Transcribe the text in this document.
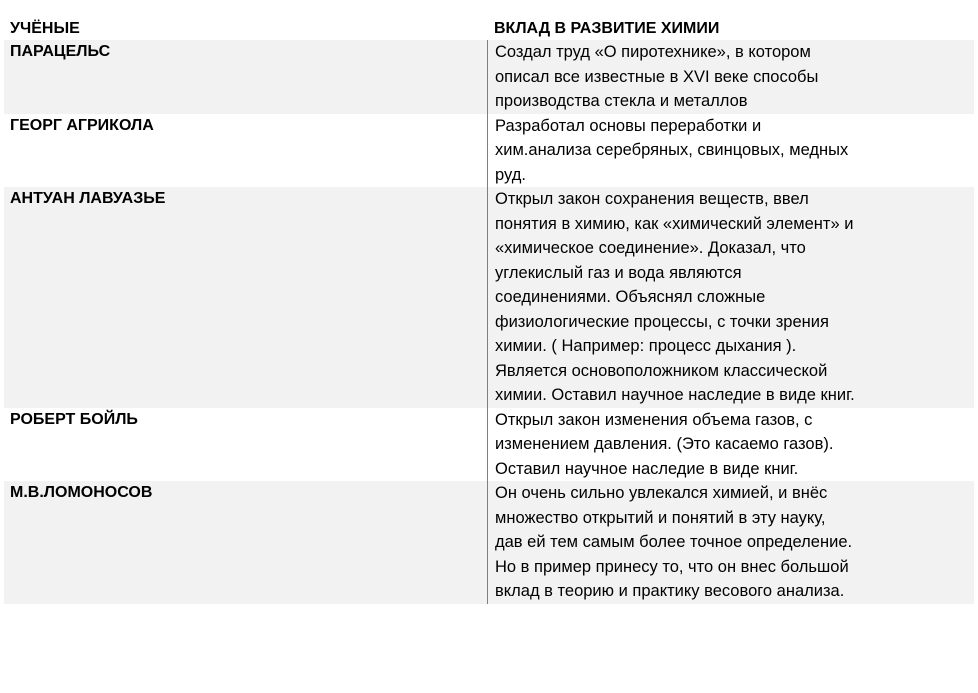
УЧЁНЫЕ	ВКЛАД В РАЗВИТИЕ ХИМИИ
ПАРАЦЕЛЬС	Создал труд «О пиротехнике», в котором
описал все известные в XVI веке способы
производства стекла и металлов
ГЕОРГ АГРИКОЛА	Разработал основы переработки и
хим.анализа серебряных, свинцовых, медных
руд.
АНТУАН ЛАВУАЗЬЕ	Открыл закон сохранения веществ, ввел
понятия в химию, как «химический элемент» и
«химическое соединение». Доказал, что
углекислый газ и вода являются
соединениями. Объяснял сложные
физиологические процессы, с точки зрения
химии. ( Например: процесс дыхания ).
Является основоположником классической
химии. Оставил научное наследие в виде книг.
РОБЕРТ БОЙЛЬ	Открыл закон изменения объема газов, с
изменением давления. (Это касаемо газов).
Оставил научное наследие в виде книг.
М.В.ЛОМОНОСОВ	Он очень сильно увлекался химией, и внёс
множество открытий и понятий в эту науку,
дав ей тем самым более точное определение.
Но в пример принесу то, что он внес большой
вклад в теорию и практику весового анализа.
